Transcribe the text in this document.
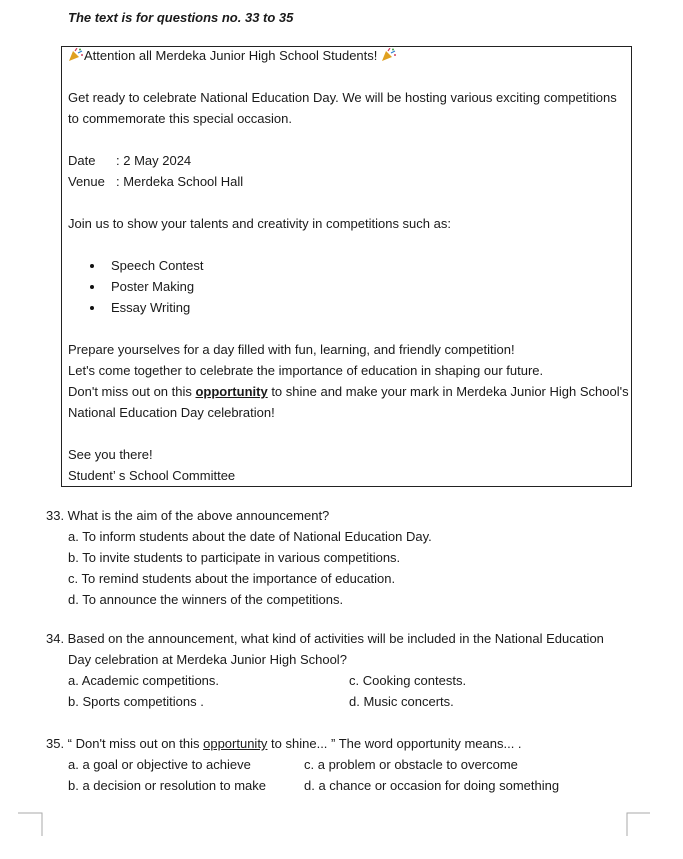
The text is for questions no. 33 to 35
Attention all Merdeka Junior High School Students!
Get ready to celebrate National Education Day. We will be hosting various exciting competitions
to commemorate this special occasion.
Date : 2 May 2024
Venue : Merdeka School Hall
Join us to show your talents and creativity in competitions such as:
Speech Contest
Poster Making
Essay Writing
Prepare yourselves for a day filled with fun, learning, and friendly competition!
Let's come together to celebrate the importance of education in shaping our future.
Don't miss out on this opportunity to shine and make your mark in Merdeka Junior High School's
National Education Day celebration!
See you there!
Student’ s School Committee
33. What is the aim of the above announcement?
a. To inform students about the date of National Education Day.
b. To invite students to participate in various competitions.
c. To remind students about the importance of education.
d. To announce the winners of the competitions.
34. Based on the announcement, what kind of activities will be included in the National Education
Day celebration at Merdeka Junior High School?
a. Academic competitions.	c. Cooking contests.
b. Sports competitions .	d. Music concerts.
35. “ Don't miss out on this opportunity to shine... ” The word opportunity means... .
a. a goal or objective to achieve	c. a problem or obstacle to overcome
b. a decision or resolution to make	d. a chance or occasion for doing something
